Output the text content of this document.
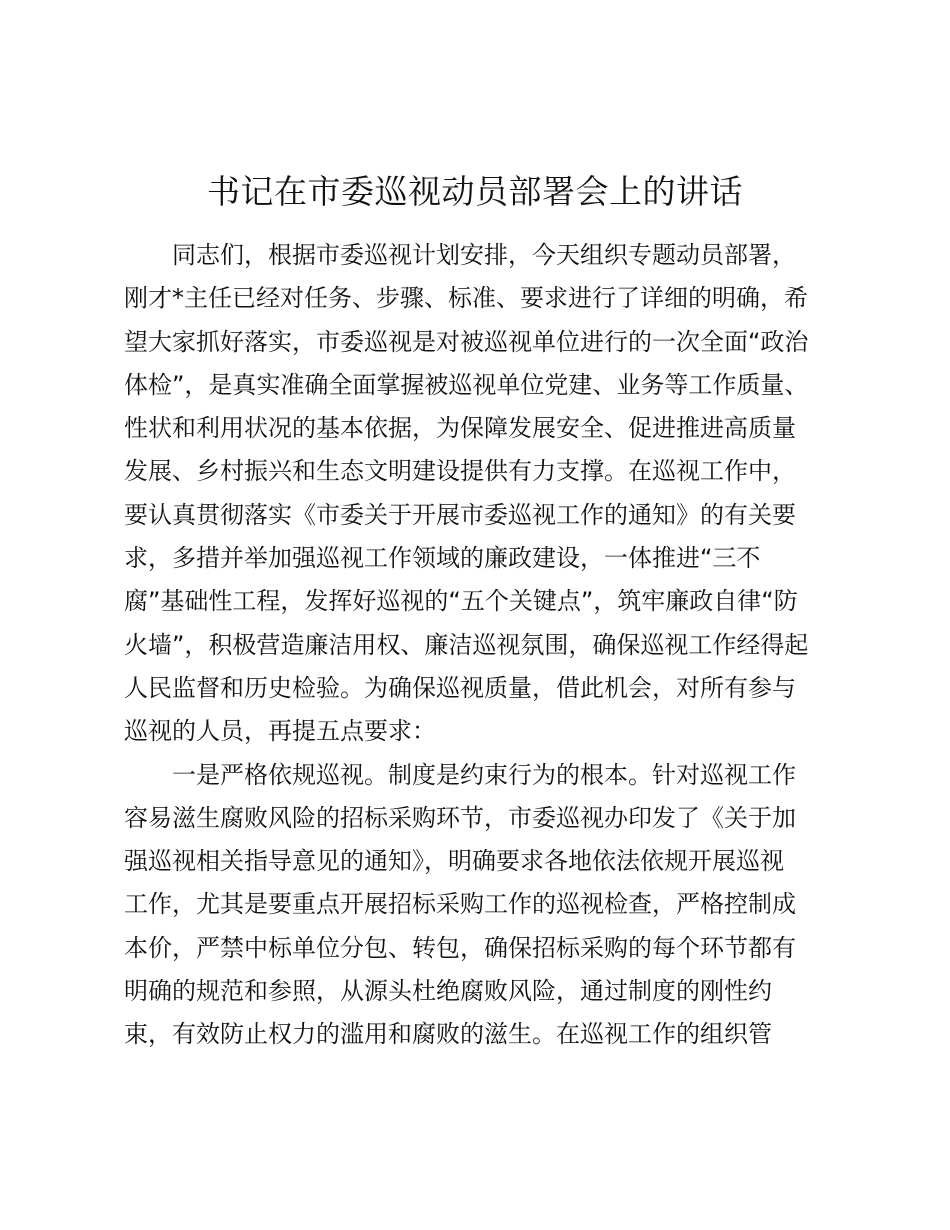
书记在市委巡视动员部署会上的讲话
同志们，根据市委巡视计划安排，今天组织专题动员部署，
刚才*主任已经对任务、步骤、标准、要求进行了详细的明确，希
望大家抓好落实，市委巡视是对被巡视单位进行的一次全面“政治
体检”，是真实准确全面掌握被巡视单位党建、业务等工作质量、
性状和利用状况的基本依据，为保障发展安全、促进推进高质量
发展、乡村振兴和生态文明建设提供有力支撑。在巡视工作中，
要认真贯彻落实《市委关于开展市委巡视工作的通知》的有关要
求，多措并举加强巡视工作领域的廉政建设，一体推进“三不
腐”基础性工程，发挥好巡视的“五个关键点”，筑牢廉政自律“防
火墙”，积极营造廉洁用权、廉洁巡视氛围，确保巡视工作经得起
人民监督和历史检验。为确保巡视质量，借此机会，对所有参与
巡视的人员，再提五点要求：
一是严格依规巡视。制度是约束行为的根本。针对巡视工作
容易滋生腐败风险的招标采购环节，市委巡视办印发了《关于加
强巡视相关指导意见的通知》，明确要求各地依法依规开展巡视
工作，尤其是要重点开展招标采购工作的巡视检查，严格控制成
本价，严禁中标单位分包、转包，确保招标采购的每个环节都有
明确的规范和参照，从源头杜绝腐败风险，通过制度的刚性约
束，有效防止权力的滥用和腐败的滋生。在巡视工作的组织管
